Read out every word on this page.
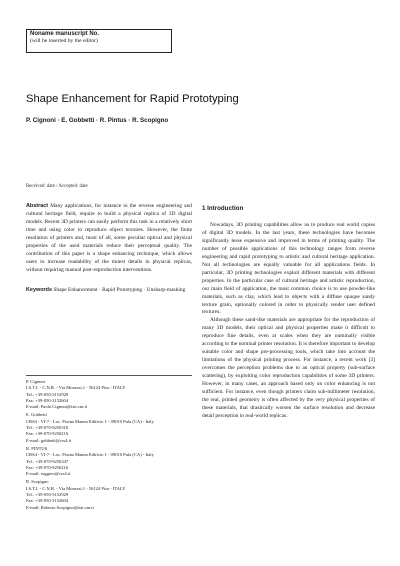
Noname manuscript No.
(will be inserted by the editor)
Shape Enhancement for Rapid Prototyping
P. Cignoni · E. Gobbetti · R. Pintus · R. Scopigno
Received: date / Accepted: date

Abstract Many applications, for instance in the reverse engineering and cultural heritage field, require to build a physical replica of 3D digital models. Recent 3D printers can easily perform this task in a relatively short time and using color to reproduce object textures. However, the finite resolution of printers and, most of all, some peculiar optical and physical properties of the used materials reduce their perceptual quality. The contribution of this paper is a shape enhancing technique, which allows users to increase readability of the tiniest details in physical replicas, without requiring manual post-reproduction interventions.

Keywords Shape Enhancement · Rapid Prototyping · Unsharp-masking

P. Cignoni
I.S.T.I. - C.N.R. - Via Moruzzi,1 - 56124 Pisa - ITALY
Tel.: +39-050-3152929
Fax: +39-050-3152604
E-mail: Paolo.Cignoni@isti.cnr.it
E. Gobbetti
CRS4 - VI-7 - Loc. Pixina Manna Edificio 1 - 09010 Pula (CA) - Italy
Tel.: +39-070-9250318
Fax: +39-070-9250216
E-mail: gobbetti@crs4.it
R. PINTUS
CRS4 - VI-7 - Loc. Pixina Manna Edificio 1 - 09010 Pula (CA) - Italy
Tel.: +39-070-9250347
Fax: +39-070-9250216
E-mail: ruggero@crs4.it
R. Scopigno
I.S.T.I. - C.N.R. - Via Moruzzi,1 - 56124 Pisa - ITALY
Tel.: +39-050-3152929
Fax: +39-050-3152604
E-mail: Roberto.Scopigno@isti.cnr.it
1 Introduction

Nowadays, 3D printing capabilities allow us to produce real world copies of digital 3D models. In the last years, these technologies have becomes significantly lesse expensive and improved in terms of printing quality. The number of possible applications of this technology ranges from reverse engineering and rapid prototyping to artistic and cultural heritage application. Not all technologies are equally valuable for all applications fields. In particular, 3D printing technologies exploit different materials with different properties. In the particular case of cultural heritage and artistic reproduction, our main field of application, the most common choice is to use powder-like materials, such as clay, which lead to objects with a diffuse opaque sandy texture grain, optionally colored in order to physically render user defined textures.

Although these sand-like materials are appropriate for the reproduction of many 3D models, their optical and physical properties make it difficult to reproduce fine details, even at scales when they are nominally visible according to the nominal printer resolution. It is therefore important to develop suitable color and shape pre-processing tools, which take into account the limitations of the physical printing process. For instance, a recent work [3] overcomes the perception problems due to an optical property (sub-surface scattering), by exploiting color reproduction capabilities of some 3D printers. However, in many cases, an approach based only on color enhancing is not sufficient. For instance, even though printers claim sub-millimeter resolution, the real, printed geometry is often affected by the very physical properties of these materials, that drastically worsen the surface resolution and decrease detail perception in real-world replicas.
